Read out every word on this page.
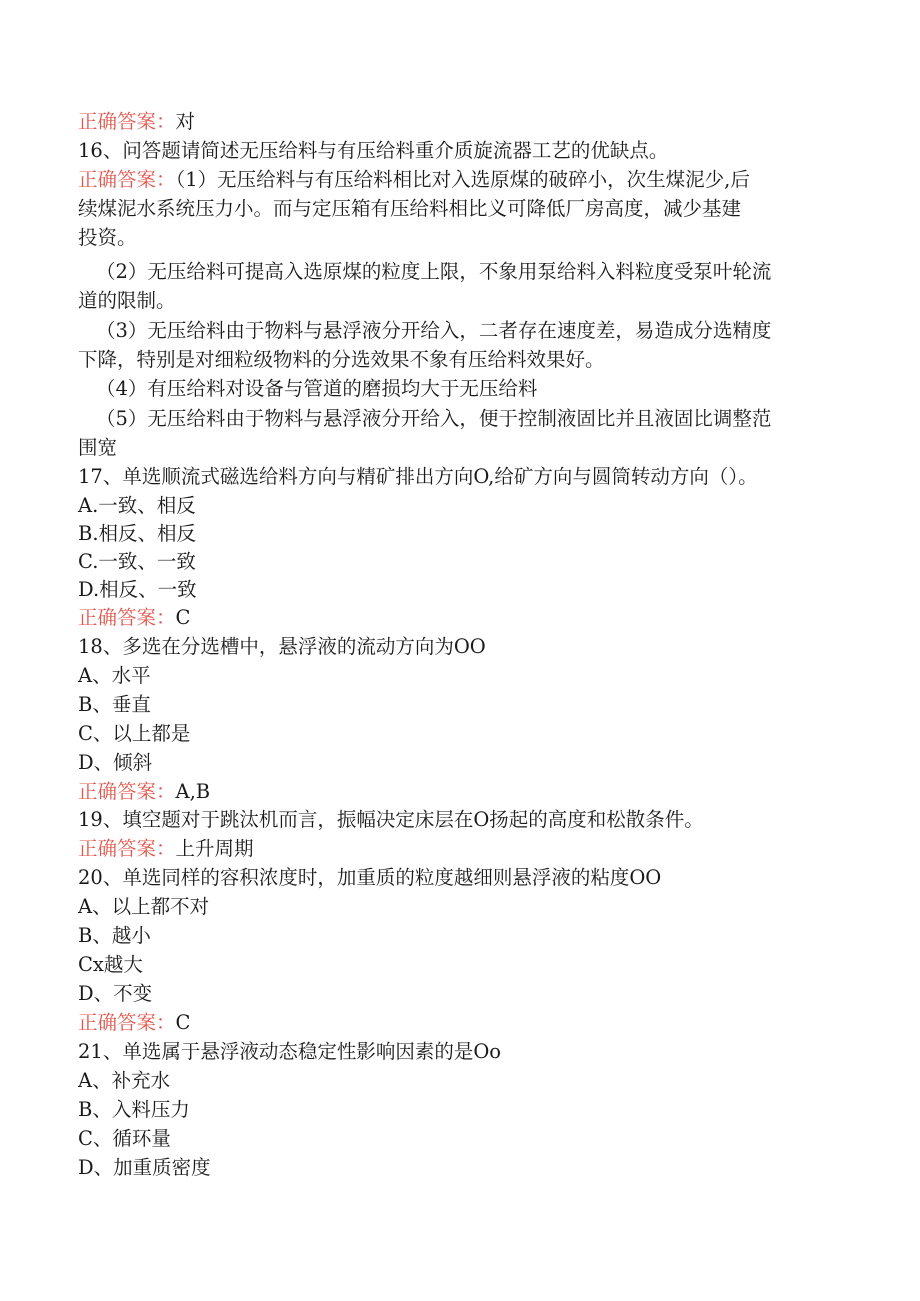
正确答案：对
16、问答题请简述无压给料与有压给料重介质旋流器工艺的优缺点。
正确答案：（1）无压给料与有压给料相比对入选原煤的破碎小，次生煤泥少,后
续煤泥水系统压力小。而与定压箱有压给料相比义可降低厂房高度，减少基建
投资。
（2）无压给料可提高入选原煤的粒度上限，不象用泵给料入料粒度受泵叶轮流
道的限制。
（3）无压给料由于物料与悬浮液分开给入，二者存在速度差，易造成分选精度
下降，特别是对细粒级物料的分选效果不象有压给料效果好。
（4）有压给料对设备与管道的磨损均大于无压给料
（5）无压给料由于物料与悬浮液分开给入，便于控制液固比并且液固比调整范
围宽
17、单选顺流式磁选给料方向与精矿排出方向O,给矿方向与圆筒转动方向（）。
A.一致、相反
B.相反、相反
C.一致、一致
D.相反、一致
正确答案：C
18、多选在分选槽中，悬浮液的流动方向为OO
A、水平
B、垂直
C、以上都是
D、倾斜
正确答案：A,B
19、填空题对于跳汰机而言，振幅决定床层在O扬起的高度和松散条件。
正确答案：上升周期
20、单选同样的容积浓度时，加重质的粒度越细则悬浮液的粘度OO
A、以上都不对
B、越小
Cx越大
D、不变
正确答案：C
21、单选属于悬浮液动态稳定性影响因素的是Oo
A、补充水
B、入料压力
C、循环量
D、加重质密度
